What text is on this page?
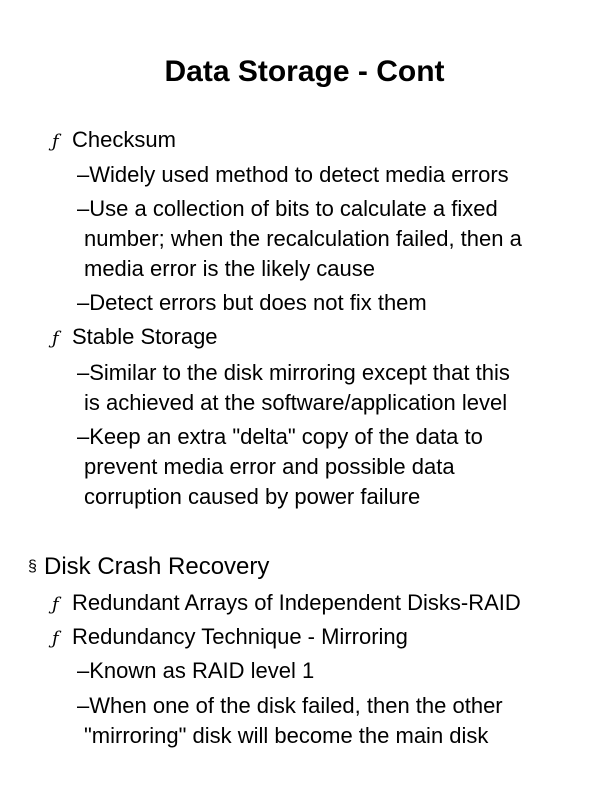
Data Storage - Cont
ƒ Checksum
–Widely used method to detect media errors
–Use a collection of bits to calculate a fixed
number; when the recalculation failed, then a
media error is the likely cause
–Detect errors but does not fix them
ƒ Stable Storage
–Similar to the disk mirroring except that this
is achieved at the software/application level
–Keep an extra "delta" copy of the data to
prevent media error and possible data
corruption caused by power failure
§ Disk Crash Recovery
ƒ Redundant Arrays of Independent Disks-RAID
ƒ Redundancy Technique - Mirroring
–Known as RAID level 1
–When one of the disk failed, then the other
"mirroring" disk will become the main disk
